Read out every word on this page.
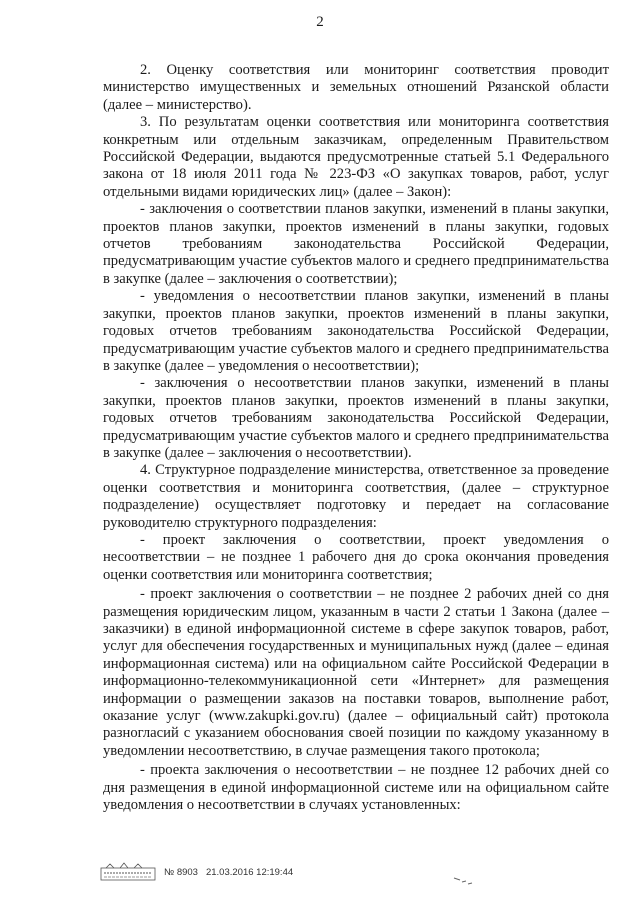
2

2. Оценку соответствия или мониторинг соответствия проводит министерство имущественных и земельных отношений Рязанской области (далее – министерство).

3. По результатам оценки соответствия или мониторинга соответствия конкретным или отдельным заказчикам, определенным Правительством Российской Федерации, выдаются предусмотренные статьей 5.1 Федерального закона от 18 июля 2011 года № 223-ФЗ «О закупках товаров, работ, услуг отдельными видами юридических лиц» (далее – Закон):

- заключения о соответствии планов закупки, изменений в планы закупки, проектов планов закупки, проектов изменений в планы закупки, годовых отчетов требованиям законодательства Российской Федерации, предусматривающим участие субъектов малого и среднего предпринимательства в закупке (далее – заключения о соответствии);

- уведомления о несоответствии планов закупки, изменений в планы закупки, проектов планов закупки, проектов изменений в планы закупки, годовых отчетов требованиям законодательства Российской Федерации, предусматривающим участие субъектов малого и среднего предпринимательства в закупке (далее – уведомления о несоответствии);

- заключения о несоответствии планов закупки, изменений в планы закупки, проектов планов закупки, проектов изменений в планы закупки, годовых отчетов требованиям законодательства Российской Федерации, предусматривающим участие субъектов малого и среднего предпринимательства в закупке (далее – заключения о несоответствии).

4. Структурное подразделение министерства, ответственное за проведение оценки соответствия и мониторинга соответствия, (далее – структурное подразделение) осуществляет подготовку и передает на согласование руководителю структурного подразделения:

- проект заключения о соответствии, проект уведомления о несоответствии – не позднее 1 рабочего дня до срока окончания проведения оценки соответствия или мониторинга соответствия;

- проект заключения о соответствии – не позднее 2 рабочих дней со дня размещения юридическим лицом, указанным в части 2 статьи 1 Закона (далее – заказчики) в единой информационной системе в сфере закупок товаров, работ, услуг для обеспечения государственных и муниципальных нужд (далее – единая информационная система) или на официальном сайте Российской Федерации в информационно-телекоммуникационной сети «Интернет» для размещения информации о размещении заказов на поставки товаров, выполнение работ, оказание услуг (www.zakupki.gov.ru) (далее – официальный сайт) протокола разногласий с указанием обоснования своей позиции по каждому указанному в уведомлении несоответствию, в случае размещения такого протокола;

- проекта заключения о несоответствии – не позднее 12 рабочих дней со дня размещения в единой информационной системе или на официальном сайте уведомления о несоответствии в случаях установленных:

№ 8903 21.03.2016 12:19:44
